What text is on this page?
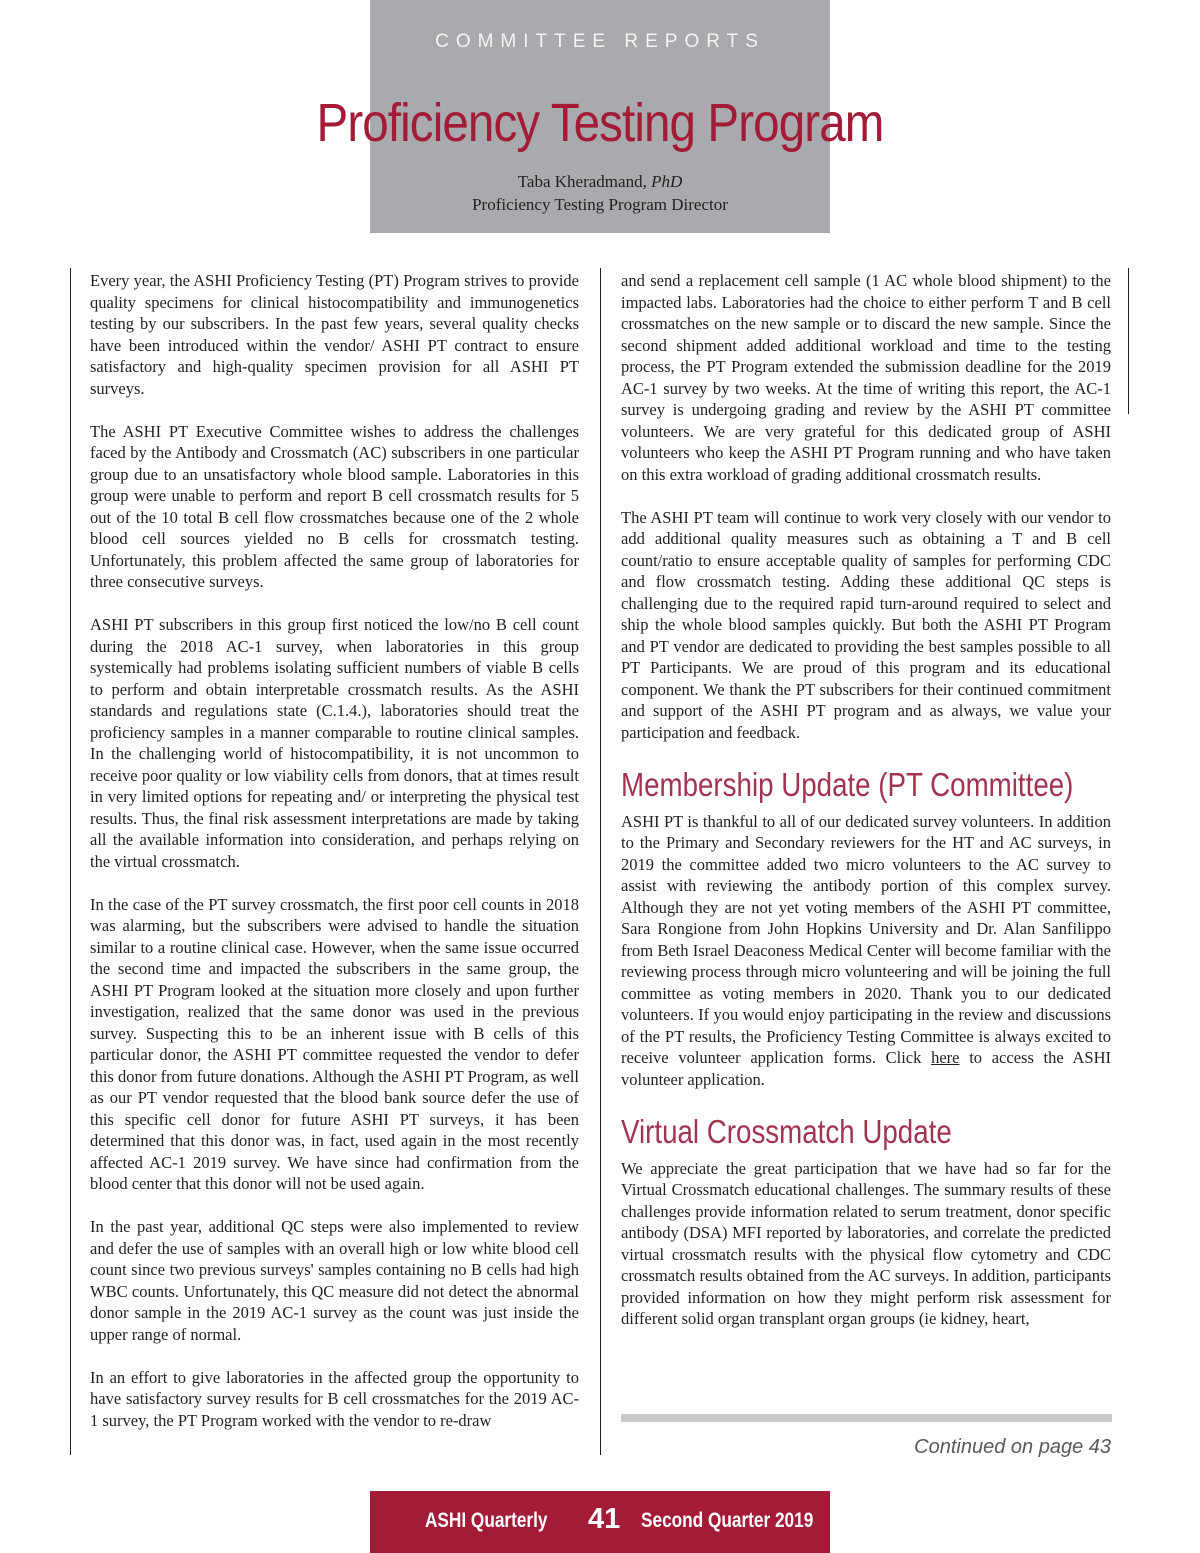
COMMITTEE REPORTS
Proficiency Testing Program
Taba Kheradmand, PhD
Proficiency Testing Program Director

Every year, the ASHI Proficiency Testing (PT) Program strives to provide quality specimens for clinical histocompatibility and immunogenetics testing by our subscribers. In the past few years, several quality checks have been introduced within the vendor/ ASHI PT contract to ensure satisfactory and high-quality specimen provision for all ASHI PT surveys.

The ASHI PT Executive Committee wishes to address the challenges faced by the Antibody and Crossmatch (AC) subscribers in one particular group due to an unsatisfactory whole blood sample. Laboratories in this group were unable to perform and report B cell crossmatch results for 5 out of the 10 total B cell flow crossmatches because one of the 2 whole blood cell sources yielded no B cells for crossmatch testing. Unfortunately, this problem affected the same group of laboratories for three consecutive surveys.

ASHI PT subscribers in this group first noticed the low/no B cell count during the 2018 AC-1 survey, when laboratories in this group systemically had problems isolating sufficient numbers of viable B cells to perform and obtain interpretable crossmatch results. As the ASHI standards and regulations state (C.1.4.), laboratories should treat the proficiency samples in a manner comparable to routine clinical samples. In the challenging world of histocompatibility, it is not uncommon to receive poor quality or low viability cells from donors, that at times result in very limited options for repeating and/ or interpreting the physical test results. Thus, the final risk assessment interpretations are made by taking all the available information into consideration, and perhaps relying on the virtual crossmatch.

In the case of the PT survey crossmatch, the first poor cell counts in 2018 was alarming, but the subscribers were advised to handle the situation similar to a routine clinical case. However, when the same issue occurred the second time and impacted the subscribers in the same group, the ASHI PT Program looked at the situation more closely and upon further investigation, realized that the same donor was used in the previous survey. Suspecting this to be an inherent issue with B cells of this particular donor, the ASHI PT committee requested the vendor to defer this donor from future donations. Although the ASHI PT Program, as well as our PT vendor requested that the blood bank source defer the use of this specific cell donor for future ASHI PT surveys, it has been determined that this donor was, in fact, used again in the most recently affected AC-1 2019 survey. We have since had confirmation from the blood center that this donor will not be used again.

In the past year, additional QC steps were also implemented to review and defer the use of samples with an overall high or low white blood cell count since two previous surveys' samples containing no B cells had high WBC counts. Unfortunately, this QC measure did not detect the abnormal donor sample in the 2019 AC-1 survey as the count was just inside the upper range of normal.

In an effort to give laboratories in the affected group the opportunity to have satisfactory survey results for B cell crossmatches for the 2019 AC-1 survey, the PT Program worked with the vendor to re-draw

and send a replacement cell sample (1 AC whole blood shipment) to the impacted labs. Laboratories had the choice to either perform T and B cell crossmatches on the new sample or to discard the new sample. Since the second shipment added additional workload and time to the testing process, the PT Program extended the submission deadline for the 2019 AC-1 survey by two weeks. At the time of writing this report, the AC-1 survey is undergoing grading and review by the ASHI PT committee volunteers. We are very grateful for this dedicated group of ASHI volunteers who keep the ASHI PT Program running and who have taken on this extra workload of grading additional crossmatch results.

The ASHI PT team will continue to work very closely with our vendor to add additional quality measures such as obtaining a T and B cell count/ratio to ensure acceptable quality of samples for performing CDC and flow crossmatch testing. Adding these additional QC steps is challenging due to the required rapid turn-around required to select and ship the whole blood samples quickly. But both the ASHI PT Program and PT vendor are dedicated to providing the best samples possible to all PT Participants. We are proud of this program and its educational component. We thank the PT subscribers for their continued commitment and support of the ASHI PT program and as always, we value your participation and feedback.

Membership Update (PT Committee)

ASHI PT is thankful to all of our dedicated survey volunteers. In addition to the Primary and Secondary reviewers for the HT and AC surveys, in 2019 the committee added two micro volunteers to the AC survey to assist with reviewing the antibody portion of this complex survey. Although they are not yet voting members of the ASHI PT committee, Sara Rongione from John Hopkins University and Dr. Alan Sanfilippo from Beth Israel Deaconess Medical Center will become familiar with the reviewing process through micro volunteering and will be joining the full committee as voting members in 2020. Thank you to our dedicated volunteers. If you would enjoy participating in the review and discussions of the PT results, the Proficiency Testing Committee is always excited to receive volunteer application forms. Click here to access the ASHI volunteer application.

Virtual Crossmatch Update

We appreciate the great participation that we have had so far for the Virtual Crossmatch educational challenges. The summary results of these challenges provide information related to serum treatment, donor specific antibody (DSA) MFI reported by laboratories, and correlate the predicted virtual crossmatch results with the physical flow cytometry and CDC crossmatch results obtained from the AC surveys. In addition, participants provided information on how they might perform risk assessment for different solid organ transplant organ groups (ie kidney, heart,

Continued on page 43
ASHI Quarterly 41 Second Quarter 2019
